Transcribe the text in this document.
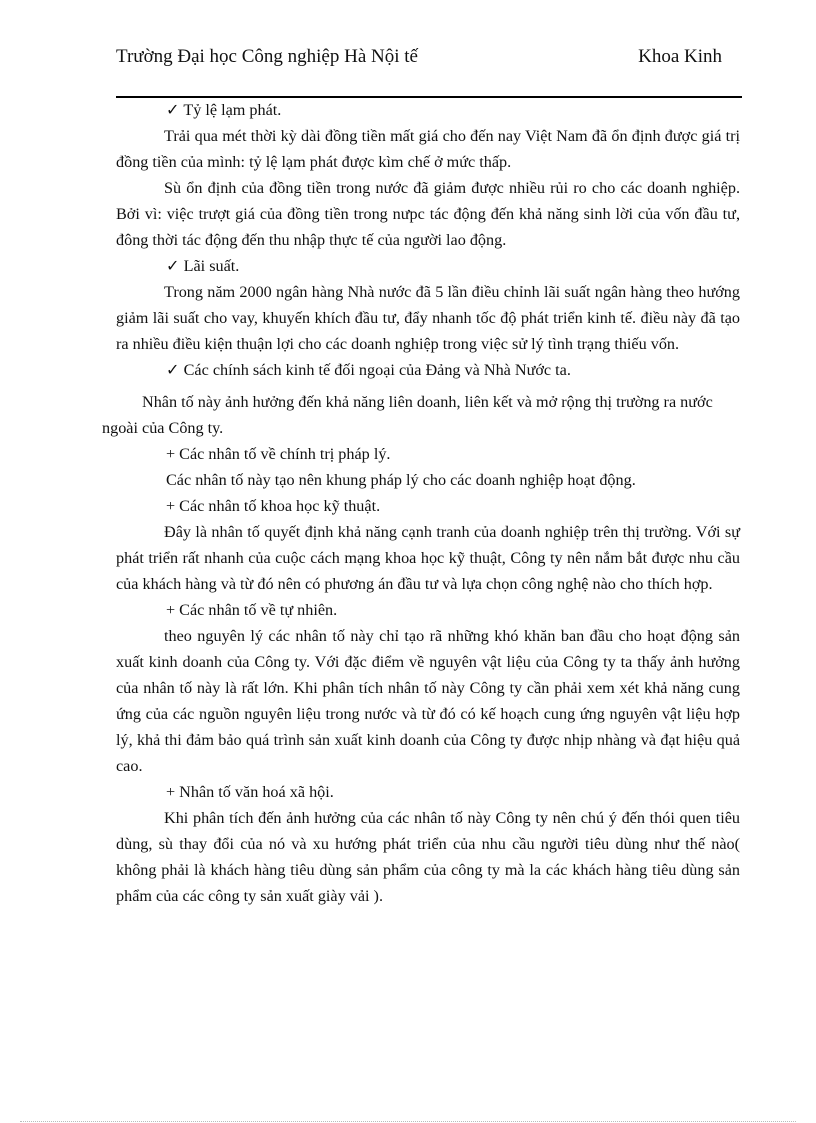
Trường Đại học Công nghiệp Hà Nội tế	Khoa Kinh

✓ Tỷ lệ lạm phát.

Trải qua mét thời kỳ dài đồng tiền mất giá cho đến nay Việt Nam đã ổn định được giá trị đồng tiền của mình: tỷ lệ lạm phát được kìm chế ở mức thấp.

Sù ổn định của đồng tiền trong nước đã giảm được nhiều rủi ro cho các doanh nghiệp. Bởi vì: việc trượt giá của đồng tiền trong nưpc tác động đến khả năng sinh lời của vốn đầu tư, đông thời tác động đến thu nhập thực tế của người lao động.

✓ Lãi suất.

Trong năm 2000 ngân hàng Nhà nước đã 5 lần điều chỉnh lãi suất ngân hàng theo hướng giảm lãi suất cho vay, khuyến khích đầu tư, đẩy nhanh tốc độ phát triển kinh tế. điều này đã tạo ra nhiều điều kiện thuận lợi cho các doanh nghiệp trong việc sử lý tình trạng thiếu vốn.

✓ Các chính sách kinh tế đối ngoại của Đảng và Nhà Nước ta.

Nhân tố này ảnh hưởng đến khả năng liên doanh, liên kết và mở rộng thị trường ra nước ngoài của Công ty.

+ Các nhân tố về chính trị pháp lý.

Các nhân tố này tạo nên khung pháp lý cho các doanh nghiệp hoạt động.

+ Các nhân tố khoa học kỹ thuật.

Đây là nhân tố quyết định khả năng cạnh tranh của doanh nghiệp trên thị trường. Với sự phát triển rất nhanh của cuộc cách mạng khoa học kỹ thuật, Công ty nên nắm bắt được nhu cầu của khách hàng và từ đó nên có phương án đầu tư và lựa chọn công nghệ nào cho thích hợp.

+ Các nhân tố về tự nhiên.

theo nguyên lý các nhân tố này chỉ tạo rã những khó khăn ban đầu cho hoạt động sản xuất kinh doanh của Công ty. Với đặc điểm về nguyên vật liệu của Công ty ta thấy ảnh hưởng của nhân tố này là rất lớn. Khi phân tích nhân tố này Công ty cần phải xem xét khả năng cung ứng của các nguồn nguyên liệu trong nước và từ đó có kế hoạch cung ứng nguyên vật liệu hợp lý, khả thi đảm bảo quá trình sản xuất kinh doanh của Công ty được nhịp nhàng và đạt hiệu quả cao.

+ Nhân tố văn hoá xã hội.

Khi phân tích đến ảnh hưởng của các nhân tố này Công ty nên chú ý đến thói quen tiêu dùng, sù thay đổi của nó và xu hướng phát triển của nhu cầu người tiêu dùng như thế nào( không phải là khách hàng tiêu dùng sản phẩm của công ty mà la các khách hàng tiêu dùng sản phẩm của các công ty sản xuất giày vải ).
